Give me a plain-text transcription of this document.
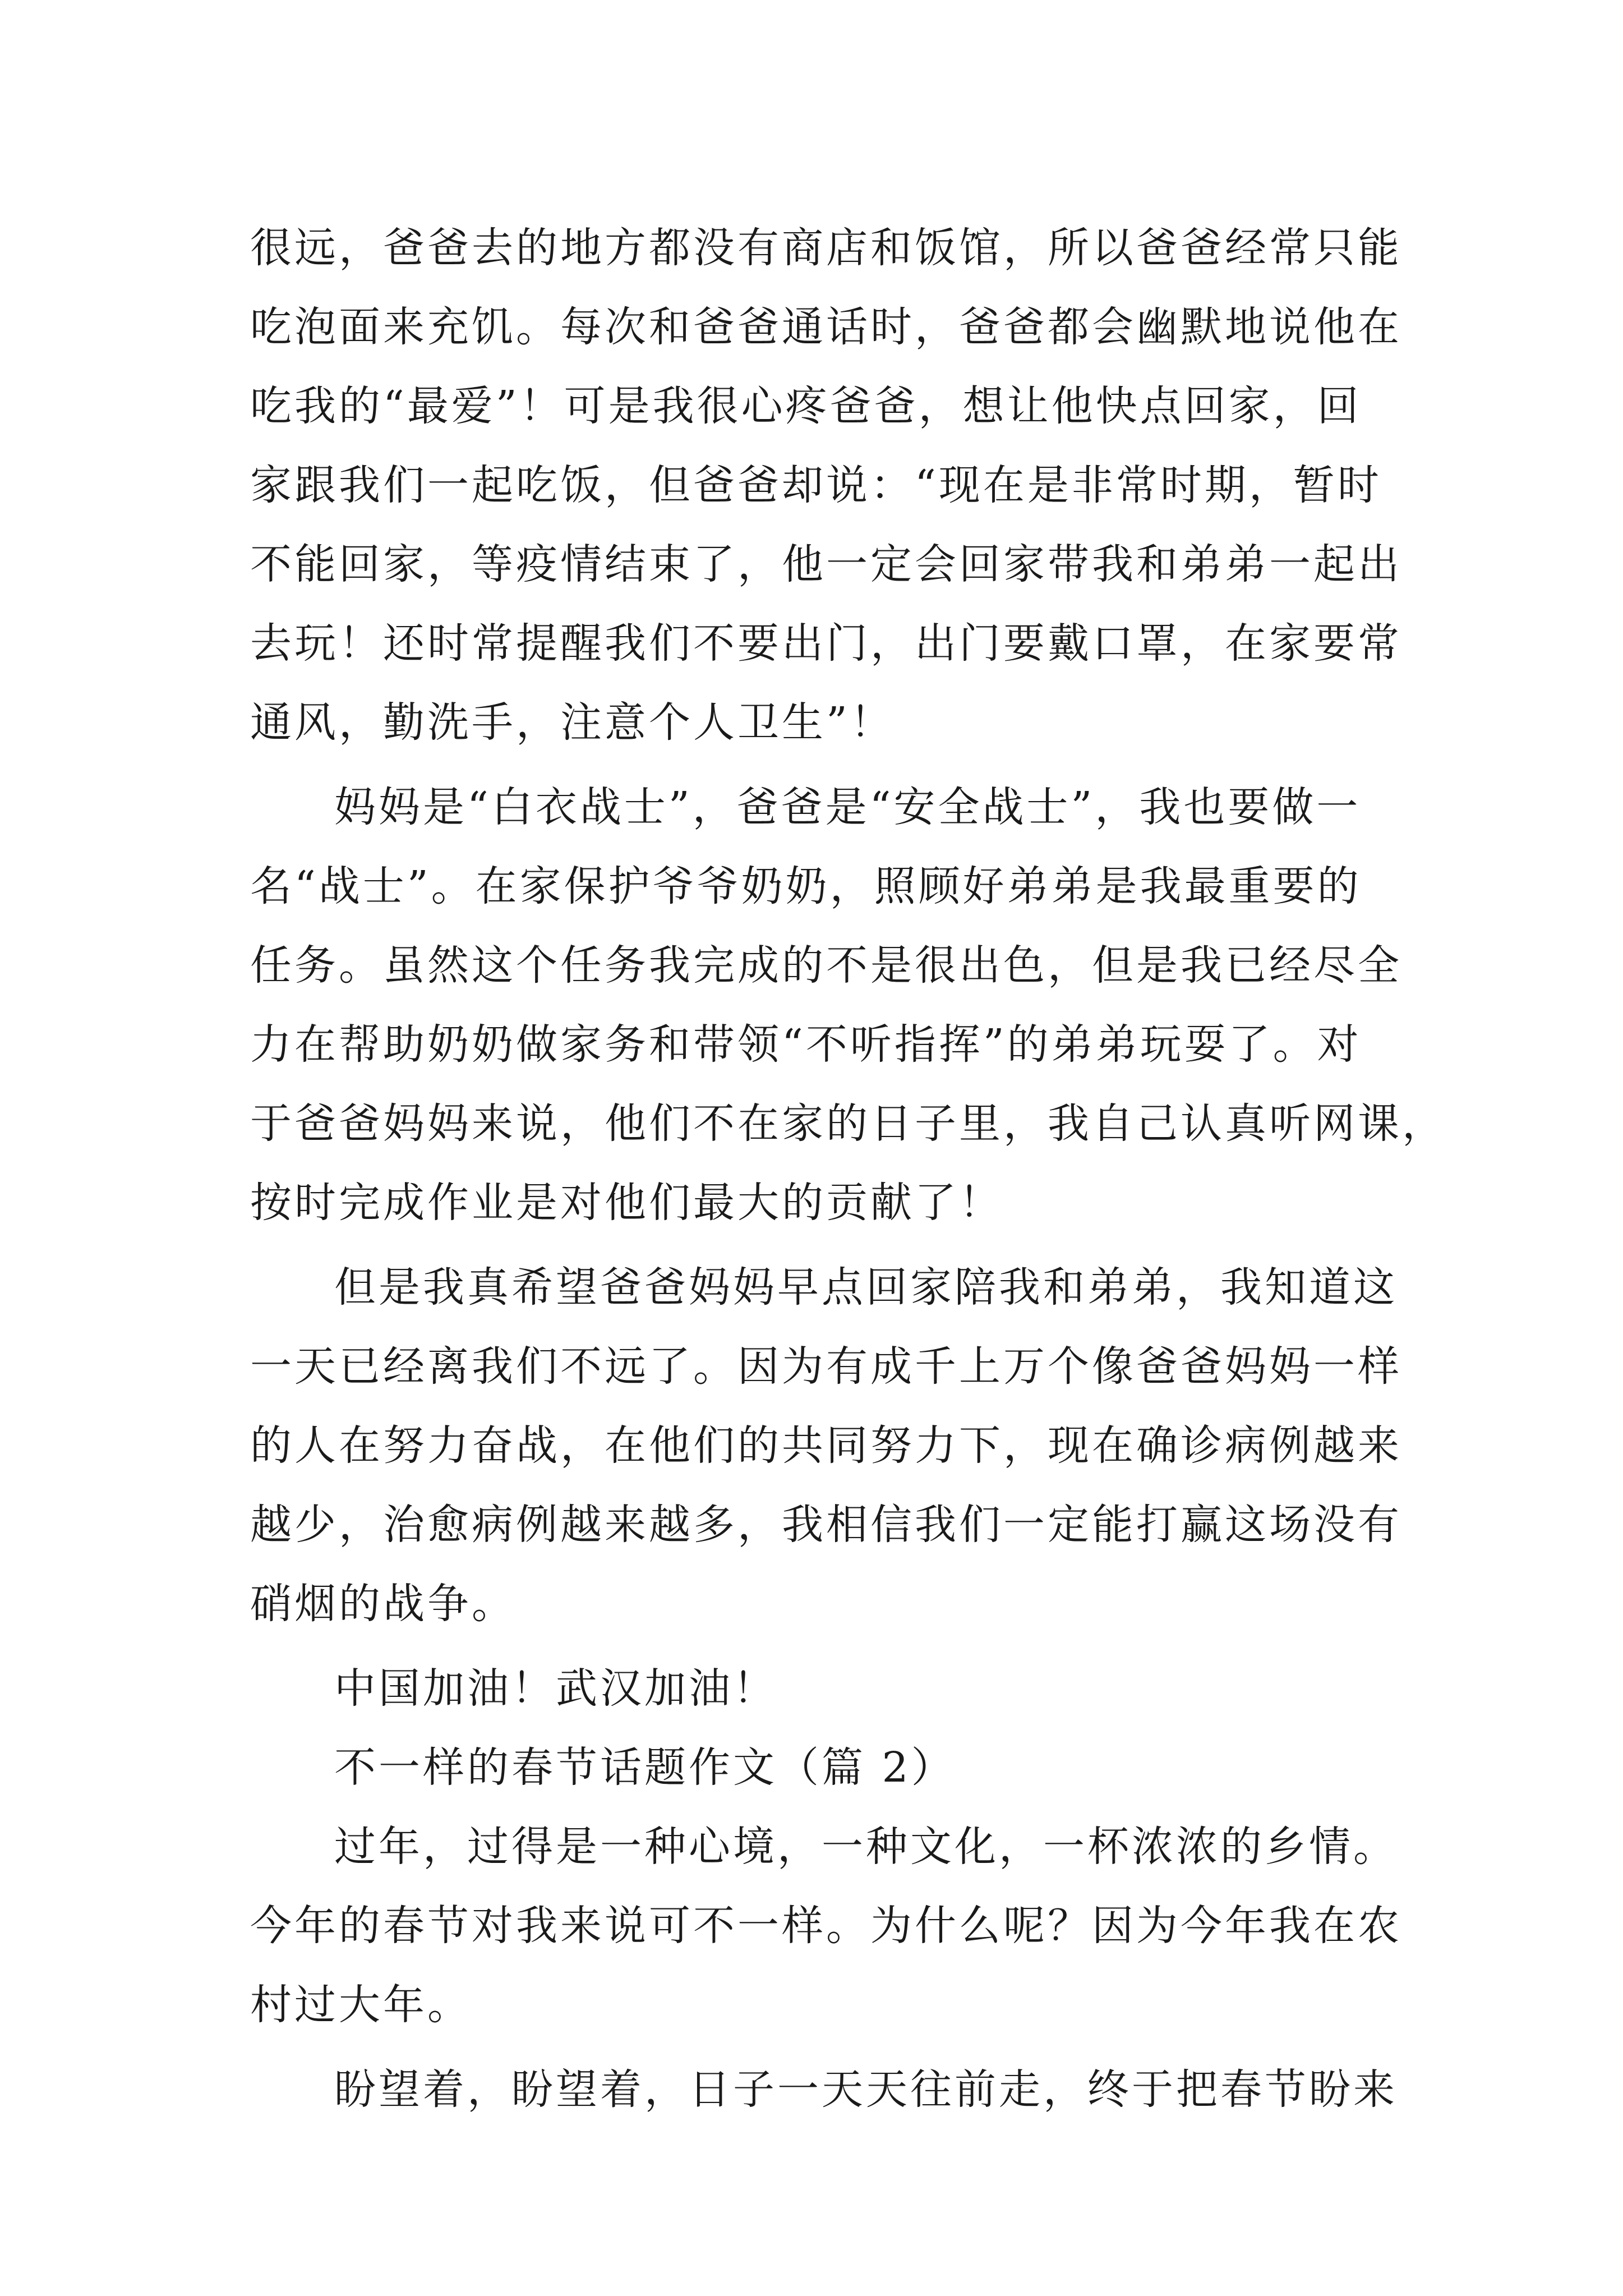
很远，爸爸去的地方都没有商店和饭馆，所以爸爸经常只能
吃泡面来充饥。每次和爸爸通话时，爸爸都会幽默地说他在
吃我的“最爱”！可是我很心疼爸爸，想让他快点回家，回
家跟我们一起吃饭，但爸爸却说：“现在是非常时期，暂时
不能回家，等疫情结束了，他一定会回家带我和弟弟一起出
去玩！还时常提醒我们不要出门，出门要戴口罩，在家要常
通风，勤洗手，注意个人卫生”！
妈妈是“白衣战士”，爸爸是“安全战士”，我也要做一
名“战士”。在家保护爷爷奶奶，照顾好弟弟是我最重要的
任务。虽然这个任务我完成的不是很出色，但是我已经尽全
力在帮助奶奶做家务和带领“不听指挥”的弟弟玩耍了。对
于爸爸妈妈来说，他们不在家的日子里，我自己认真听网课，
按时完成作业是对他们最大的贡献了！
但是我真希望爸爸妈妈早点回家陪我和弟弟，我知道这
一天已经离我们不远了。因为有成千上万个像爸爸妈妈一样
的人在努力奋战，在他们的共同努力下，现在确诊病例越来
越少，治愈病例越来越多，我相信我们一定能打赢这场没有
硝烟的战争。
中国加油！武汉加油！
不一样的春节话题作文（篇 2）
过年，过得是一种心境，一种文化，一杯浓浓的乡情。
今年的春节对我来说可不一样。为什么呢？因为今年我在农
村过大年。
盼望着，盼望着，日子一天天往前走，终于把春节盼来
